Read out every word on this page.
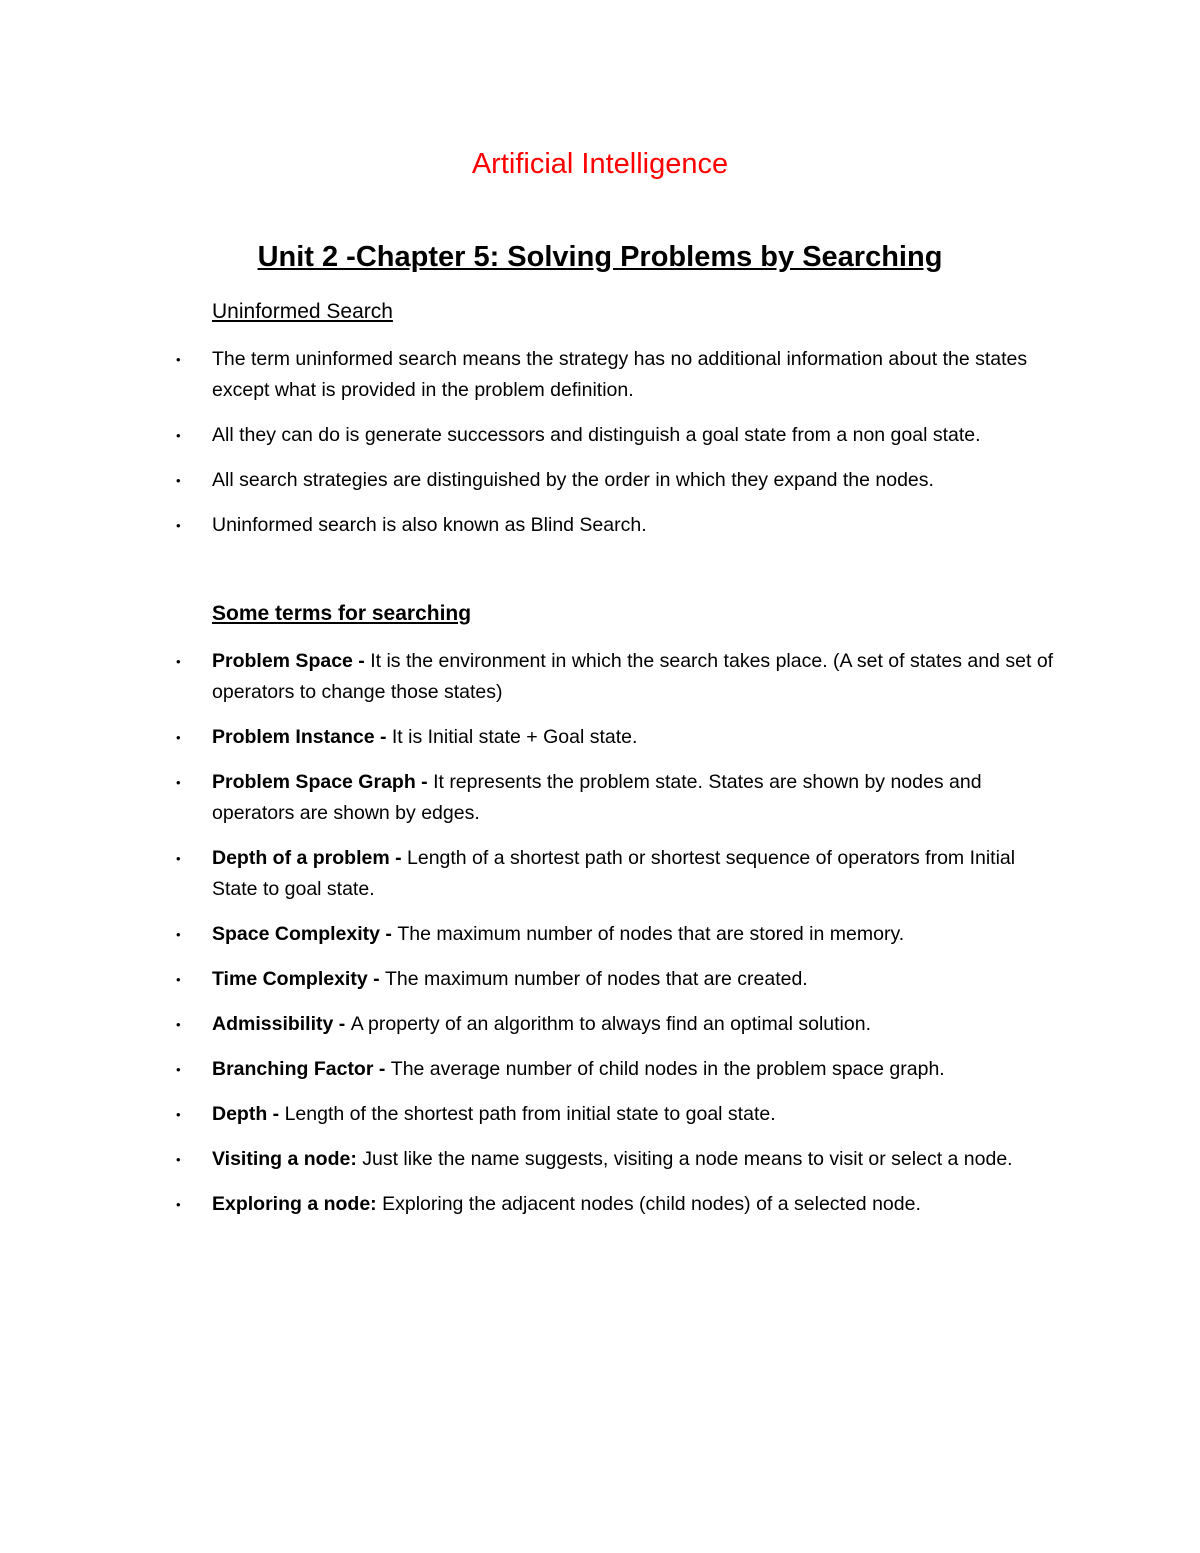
Artificial Intelligence
Unit 2 -Chapter 5: Solving Problems by Searching
Uninformed Search
• The term uninformed search means the strategy has no additional information about the states except what is provided in the problem definition.
• All they can do is generate successors and distinguish a goal state from a non goal state.
• All search strategies are distinguished by the order in which they expand the nodes.
• Uninformed search is also known as Blind Search.
Some terms for searching
• Problem Space - It is the environment in which the search takes place. (A set of states and set of operators to change those states)
• Problem Instance - It is Initial state + Goal state.
• Problem Space Graph - It represents the problem state. States are shown by nodes and operators are shown by edges.
• Depth of a problem - Length of a shortest path or shortest sequence of operators from Initial State to goal state.
• Space Complexity - The maximum number of nodes that are stored in memory.
• Time Complexity - The maximum number of nodes that are created.
• Admissibility - A property of an algorithm to always find an optimal solution.
• Branching Factor - The average number of child nodes in the problem space graph.
• Depth - Length of the shortest path from initial state to goal state.
• Visiting a node: Just like the name suggests, visiting a node means to visit or select a node.
• Exploring a node: Exploring the adjacent nodes (child nodes) of a selected node.
